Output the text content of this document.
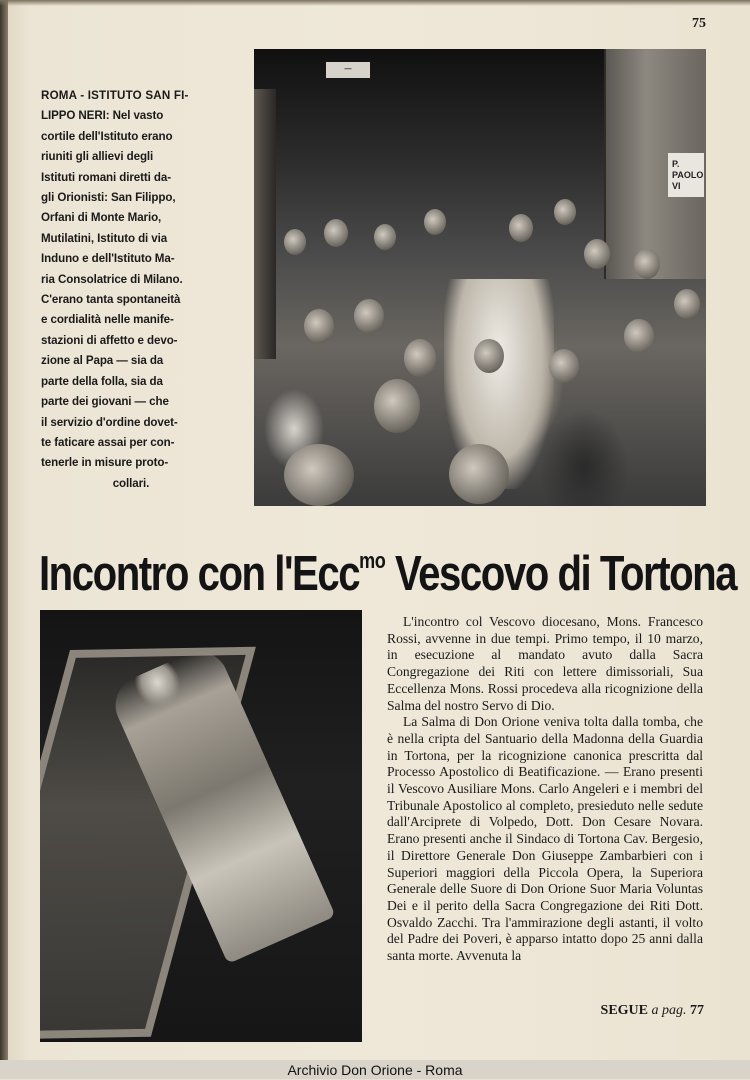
75
ROMA - ISTITUTO SAN FI-
LIPPO NERI: Nel vasto
cortile dell'Istituto erano
riuniti gli allievi degli
Istituti romani diretti da-
gli Orionisti: San Filippo,
Orfani di Monte Mario,
Mutilatini, Istituto di via
Induno e dell'Istituto Ma-
ria Consolatrice di Milano.
C'erano tanta spontaneità
e cordialità nelle manife-
stazioni di affetto e devo-
zione al Papa — sia da
parte della folla, sia da
parte dei giovani — che
il servizio d'ordine dovet-
te faticare assai per con-
tenerle in misure proto-

collari.
—
P. PAOLO VI
Incontro con l'Ecc$^{mo}$ Vescovo di Tortona

L'incontro col Vescovo diocesano, Mons. Francesco Rossi, avvenne in due tempi. Primo tempo, il 10 marzo, in esecuzione al mandato avuto dalla Sacra Congregazione dei Riti con lettere dimissoriali, Sua Eccellenza Mons. Rossi procedeva alla ricognizione della Salma del nostro Servo di Dio.

La Salma di Don Orione veniva tolta dalla tomba, che è nella cripta del Santuario della Madonna della Guardia in Tortona, per la ricognizione canonica prescritta dal Processo Apostolico di Beatificazione. — Erano presenti il Vescovo Ausiliare Mons. Carlo Angeleri e i membri del Tribunale Apostolico al completo, presieduto nelle sedute dall'Arciprete di Volpedo, Dott. Don Cesare Novara. Erano presenti anche il Sindaco di Tortona Cav. Bergesio, il Direttore Generale Don Giuseppe Zambarbieri con i Superiori maggiori della Piccola Opera, la Superiora Generale delle Suore di Don Orione Suor Maria Voluntas Dei e il perito della Sacra Congregazione dei Riti Dott. Osvaldo Zacchi. Tra l'ammirazione degli astanti, il volto del Padre dei Poveri, è apparso intatto dopo 25 anni dalla santa morte. Avvenuta la

SEGUE a pag. 77
Archivio Don Orione - Roma
